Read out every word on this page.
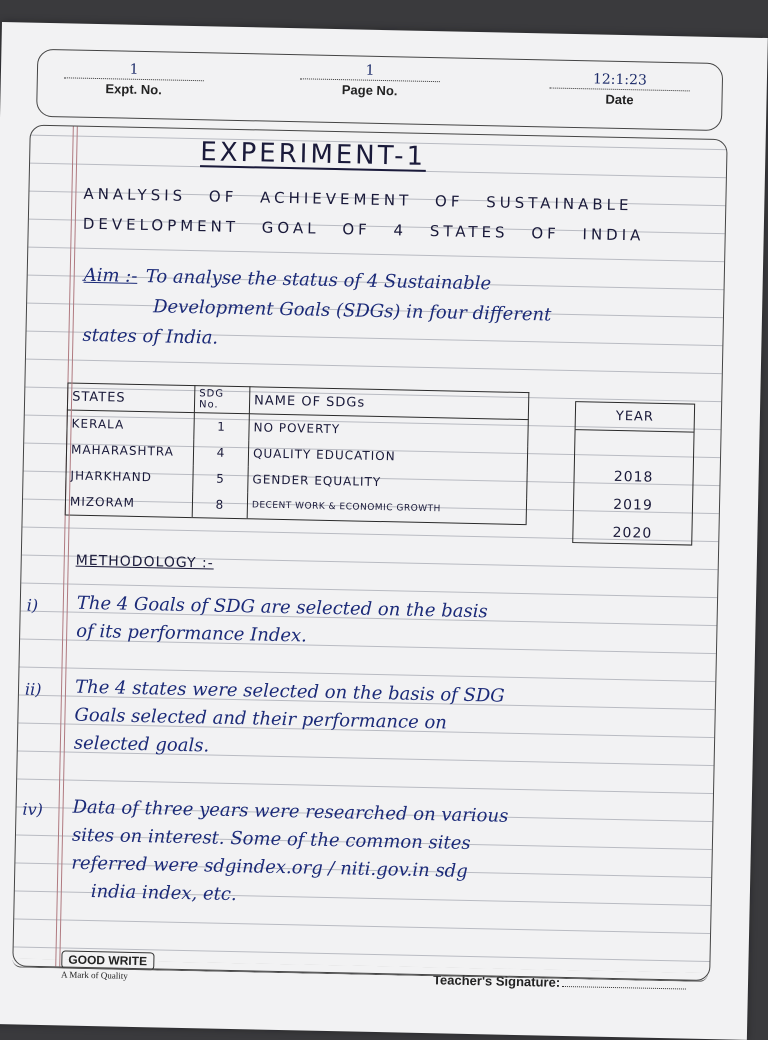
1
Expt. No.
1
Page No.
12:1:23
Date
EXPERIMENT-1
ANALYSIS OF ACHIEVEMENT OF SUSTAINABLE
DEVELOPMENT GOAL OF 4 STATES OF INDIA
Aim :- To analyse the status of 4 Sustainable
Development Goals (SDGs) in four different
states of India.
STATES	SDG No.	NAME OF SDGs
KERALA	1	NO POVERTY
MAHARASHTRA	4	QUALITY EDUCATION
JHARKHAND	5	GENDER EQUALITY
MIZORAM	8	DECENT WORK & ECONOMIC GROWTH
YEAR
2018
2019
2020
METHODOLOGY :-
i) The 4 Goals of SDG are selected on the basis
of its performance Index.
ii) The 4 states were selected on the basis of SDG
Goals selected and their performance on
selected goals.
iv) Data of three years were researched on various
sites on interest. Some of the common sites
referred were sdgindex.org / niti.gov.in sdg
india index, etc.
GOOD WRITE
A Mark of Quality	Teacher's Signature:
